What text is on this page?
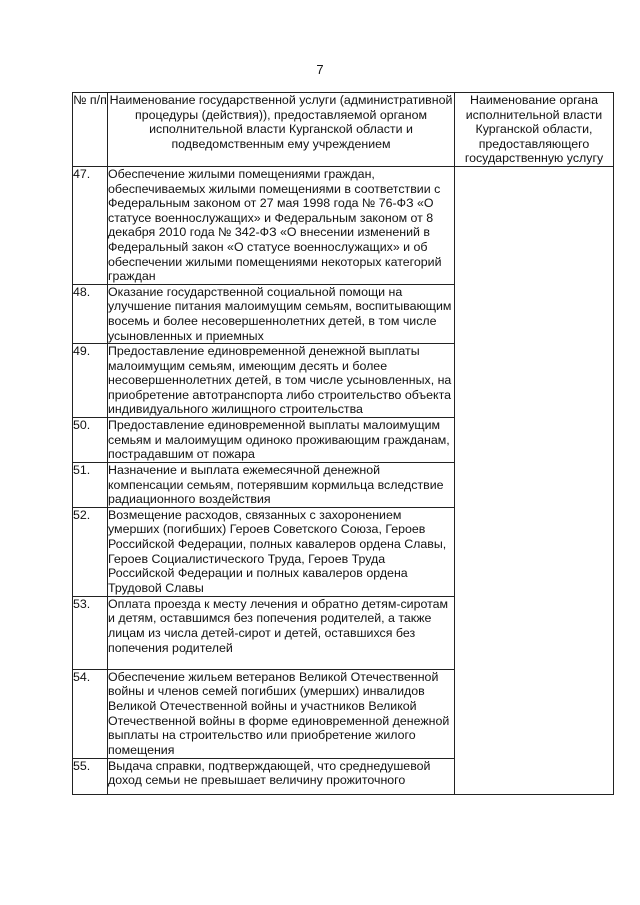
7
№ п/п	Наименование государственной услуги (административной процедуры (действия)), предоставляемой органом исполнительной власти Курганской области и подведомственным ему учреждением	Наименование органа исполнительной власти Курганской области, предоставляющего государственную услугу
47.	Обеспечение жилыми помещениями граждан, обеспечиваемых жилыми помещениями в соответствии с Федеральным законом от 27 мая 1998 года № 76-ФЗ «О статусе военнослужащих» и Федеральным законом от 8 декабря 2010 года № 342-ФЗ «О внесении изменений в Федеральный закон «О статусе военнослужащих» и об обеспечении жилыми помещениями некоторых категорий граждан	
48.	Оказание государственной социальной помощи на улучшение питания малоимущим семьям, воспитывающим восемь и более несовершеннолетних детей, в том числе усыновленных и приемных	
49.	Предоставление единовременной денежной выплаты малоимущим семьям, имеющим десять и более несовершеннолетних детей, в том числе усыновленных, на приобретение автотранспорта либо строительство объекта индивидуального жилищного строительства	
50.	Предоставление единовременной выплаты малоимущим семьям и малоимущим одиноко проживающим гражданам, пострадавшим от пожара	
51.	Назначение и выплата ежемесячной денежной компенсации семьям, потерявшим кормильца вследствие радиационного воздействия	
52.	Возмещение расходов, связанных с захоронением умерших (погибших) Героев Советского Союза, Героев Российской Федерации, полных кавалеров ордена Славы, Героев Социалистического Труда, Героев Труда Российской Федерации и полных кавалеров ордена Трудовой Славы	
53.	Оплата проезда к месту лечения и обратно детям-сиротам и детям, оставшимся без попечения родителей, а также лицам из числа детей-сирот и детей, оставшихся без попечения родителей	
54.	Обеспечение жильем ветеранов Великой Отечественной войны и членов семей погибших (умерших) инвалидов Великой Отечественной войны и участников Великой Отечественной войны в форме единовременной денежной выплаты на строительство или приобретение жилого помещения	
55.	Выдача справки, подтверждающей, что среднедушевой доход семьи не превышает величину прожиточного	
